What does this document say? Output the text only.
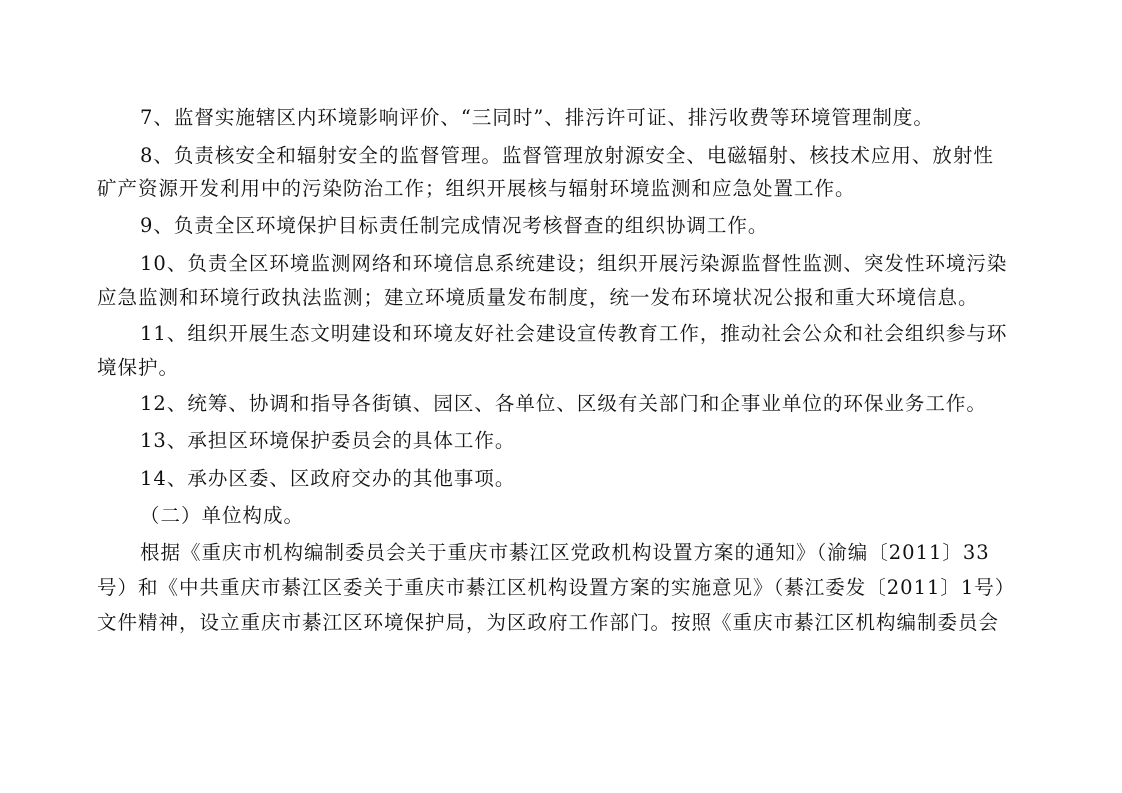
7、监督实施辖区内环境影响评价、“三同时”、排污许可证、排污收费等环境管理制度。
8、负责核安全和辐射安全的监督管理。监督管理放射源安全、电磁辐射、核技术应用、放射性
矿产资源开发利用中的污染防治工作；组织开展核与辐射环境监测和应急处置工作。
9、负责全区环境保护目标责任制完成情况考核督查的组织协调工作。
10、负责全区环境监测网络和环境信息系统建设；组织开展污染源监督性监测、突发性环境污染
应急监测和环境行政执法监测；建立环境质量发布制度，统一发布环境状况公报和重大环境信息。
11、组织开展生态文明建设和环境友好社会建设宣传教育工作，推动社会公众和社会组织参与环
境保护。
12、统筹、协调和指导各街镇、园区、各单位、区级有关部门和企事业单位的环保业务工作。
13、承担区环境保护委员会的具体工作。
14、承办区委、区政府交办的其他事项。
（二）单位构成。
根据《重庆市机构编制委员会关于重庆市綦江区党政机构设置方案的通知》（渝编〔2011〕33
号）和《中共重庆市綦江区委关于重庆市綦江区机构设置方案的实施意见》（綦江委发〔2011〕1号）
文件精神，设立重庆市綦江区环境保护局，为区政府工作部门。按照《重庆市綦江区机构编制委员会
